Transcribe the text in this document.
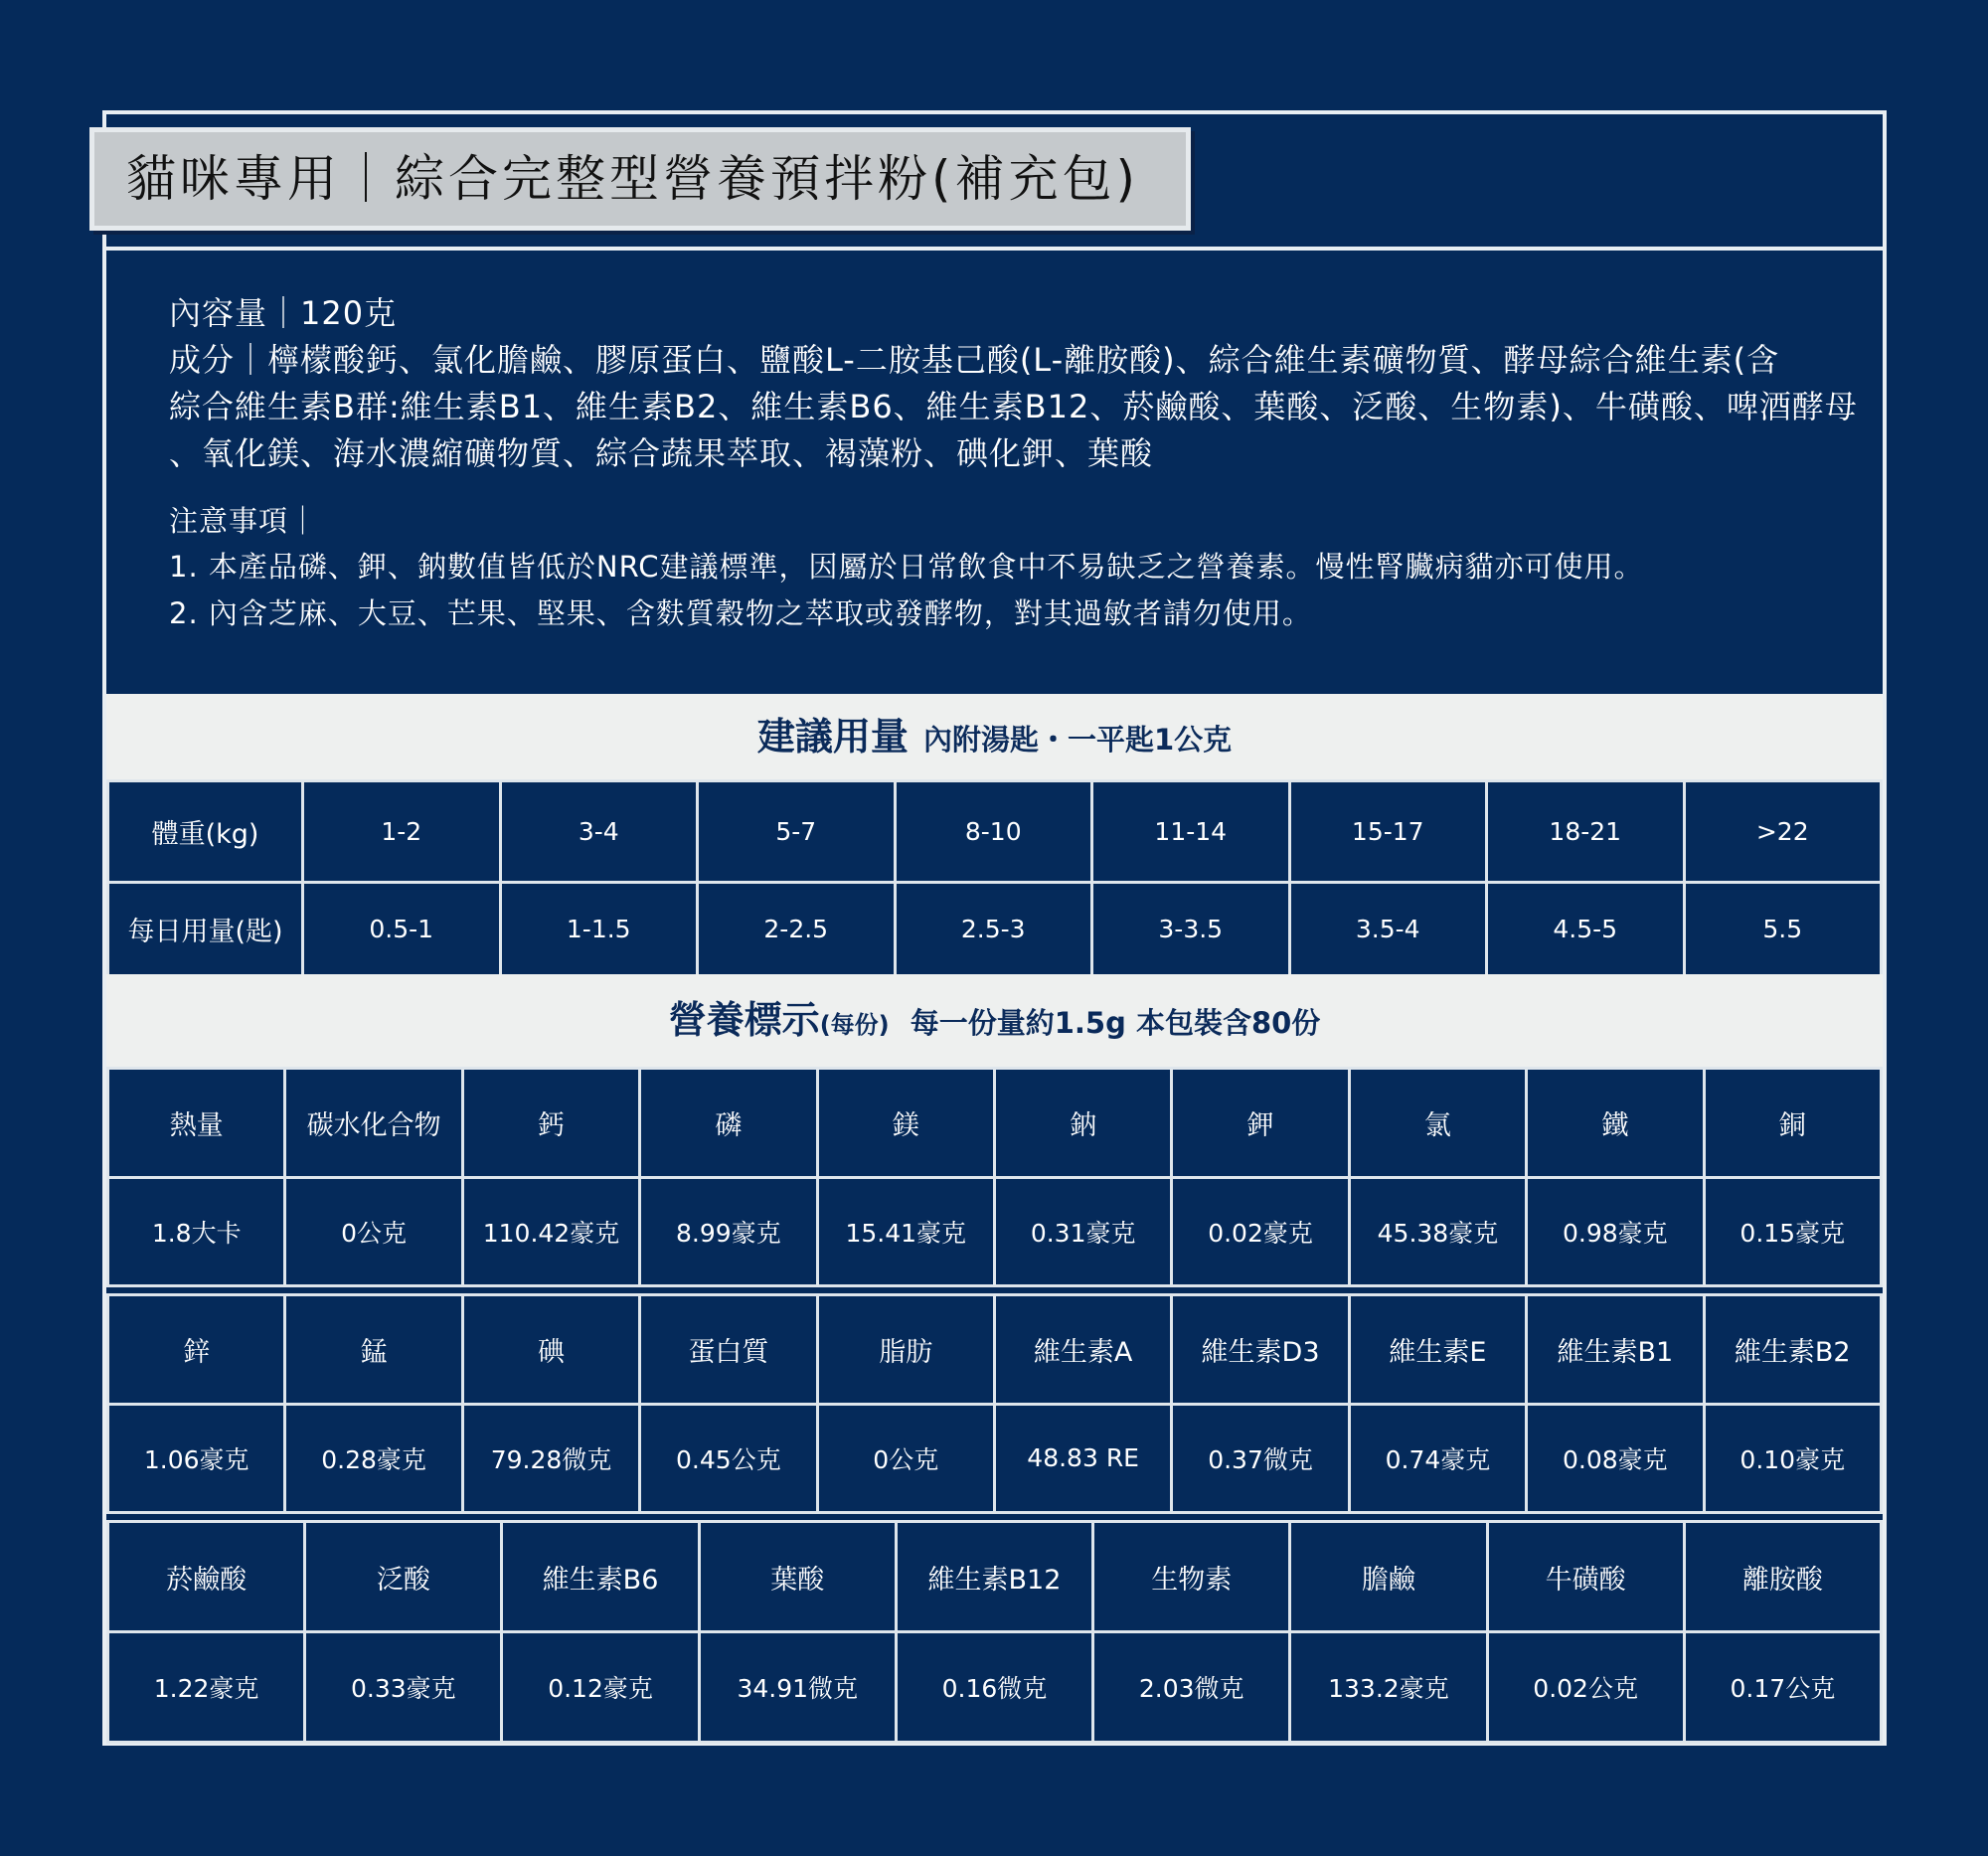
貓咪專用｜綜合完整型營養預拌粉(補充包)
內容量｜120克
成分｜檸檬酸鈣、氯化膽鹼、膠原蛋白、鹽酸L-二胺基己酸(L-離胺酸)、綜合維生素礦物質、酵母綜合維生素(含
綜合維生素B群:維生素B1、維生素B2、維生素B6、維生素B12、菸鹼酸、葉酸、泛酸、生物素)、牛磺酸、啤酒酵母
、氧化鎂、海水濃縮礦物質、綜合蔬果萃取、褐藻粉、碘化鉀、葉酸
注意事項｜
1. 本產品磷、鉀、鈉數值皆低於NRC建議標準，因屬於日常飲食中不易缺乏之營養素。慢性腎臟病貓亦可使用。
2. 內含芝麻、大豆、芒果、堅果、含麩質穀物之萃取或發酵物，對其過敏者請勿使用。
建議用量 內附湯匙・一平匙1公克
體重(kg)	1-2	3-4	5-7	8-10	11-14	15-17	18-21	>22
每日用量(匙)	0.5-1	1-1.5	2-2.5	2.5-3	3-3.5	3.5-4	4.5-5	5.5
營養標示(每份) 每一份量約1.5g 本包裝含80份
熱量	碳水化合物	鈣	磷	鎂	鈉	鉀	氯	鐵	銅
1.8大卡	0公克	110.42豪克	8.99豪克	15.41豪克	0.31豪克	0.02豪克	45.38豪克	0.98豪克	0.15豪克
鋅	錳	碘	蛋白質	脂肪	維生素A	維生素D3	維生素E	維生素B1	維生素B2
1.06豪克	0.28豪克	79.28微克	0.45公克	0公克	48.83 RE	0.37微克	0.74豪克	0.08豪克	0.10豪克
菸鹼酸	泛酸	維生素B6	葉酸	維生素B12	生物素	膽鹼	牛磺酸	離胺酸
1.22豪克	0.33豪克	0.12豪克	34.91微克	0.16微克	2.03微克	133.2豪克	0.02公克	0.17公克
